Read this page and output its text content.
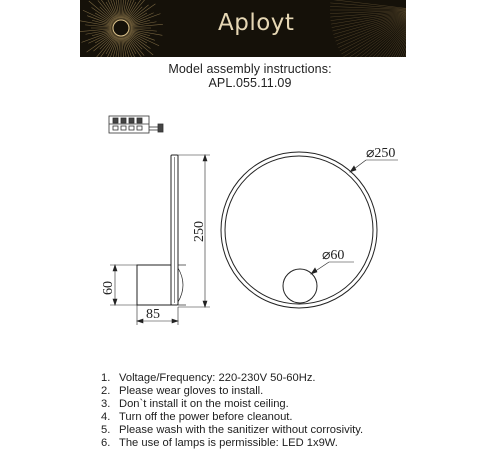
Aployt
Model assembly instructions:
APL.055.11.09
250
60
85
⌀250
⌀60
1. Voltage/Frequency: 220-230V 50-60Hz.
2. Please wear gloves to install.
3. Don`t install it on the moist ceiling.
4. Turn off the power before cleanout.
5. Please wash with the sanitizer without corrosivity.
6. The use of lamps is permissible: LED 1x9W.
